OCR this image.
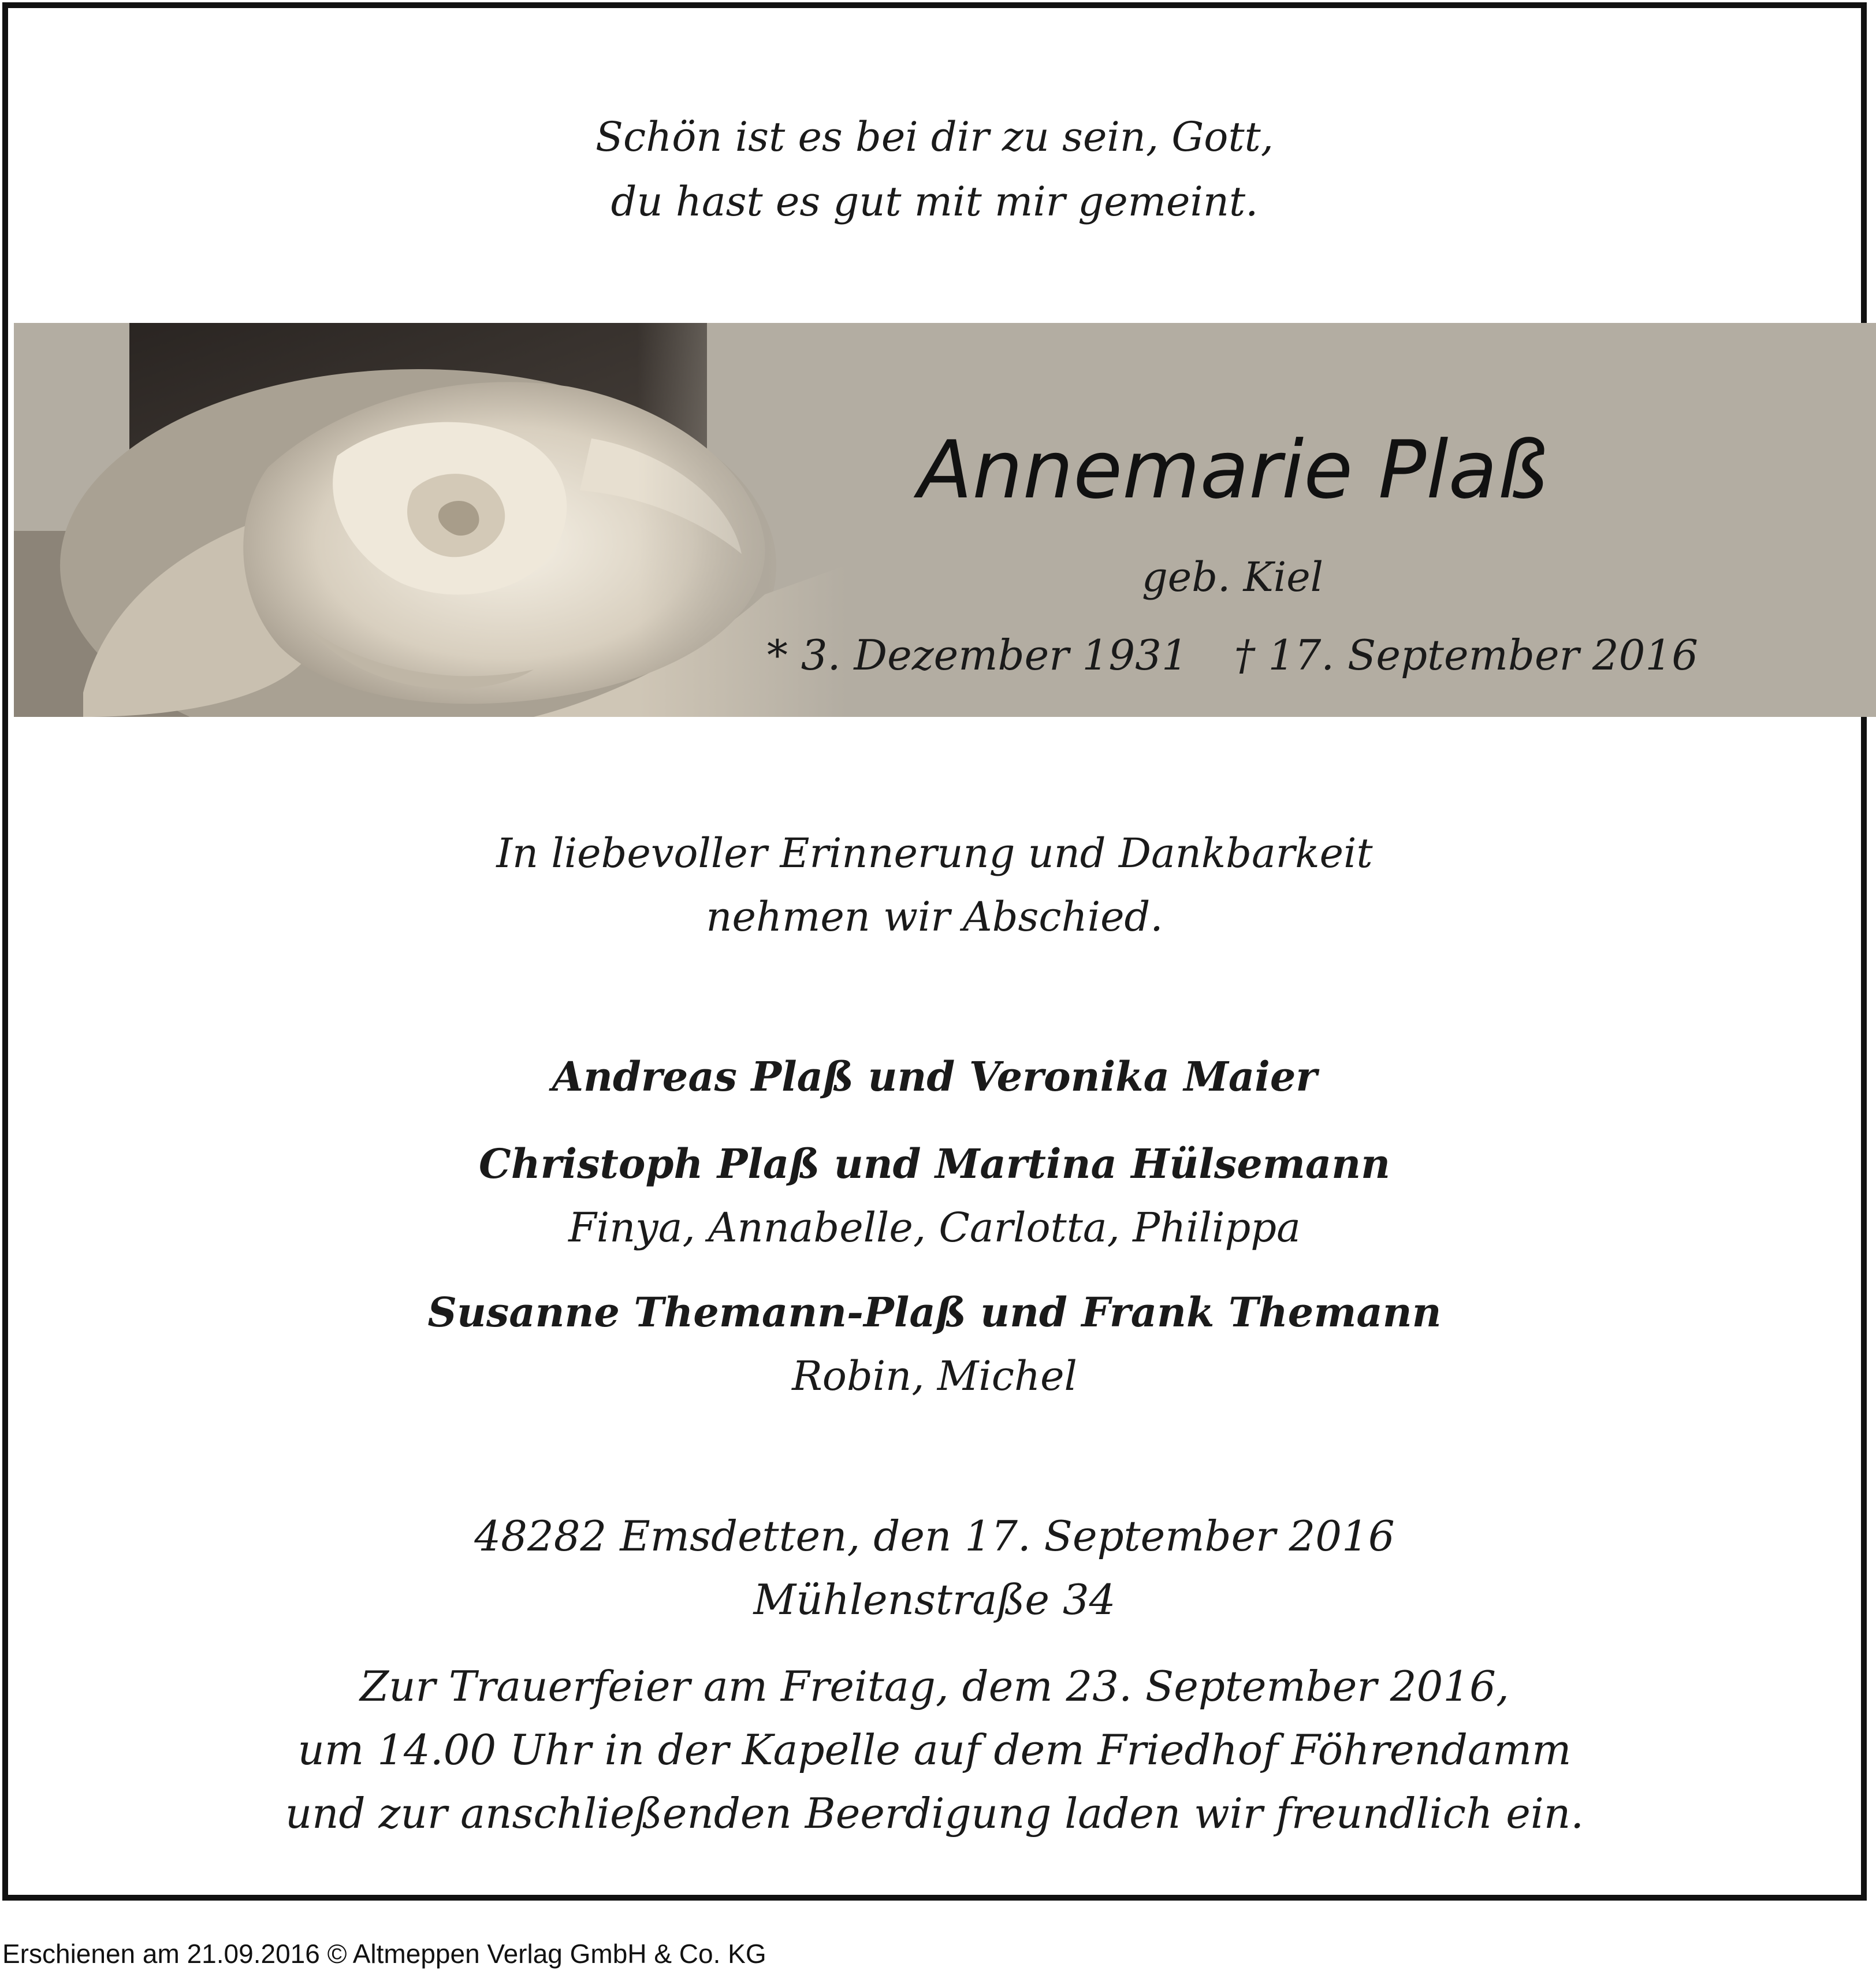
Schön ist es bei dir zu sein, Gott,
du hast es gut mit mir gemeint.
Annemarie Plaß
geb. Kiel
* 3. Dezember 1931 † 17. September 2016
In liebevoller Erinnerung und Dankbarkeit
nehmen wir Abschied.
Andreas Plaß und Veronika Maier
Christoph Plaß und Martina Hülsemann
Finya, Annabelle, Carlotta, Philippa
Susanne Themann-Plaß und Frank Themann
Robin, Michel
48282 Emsdetten, den 17. September 2016
Mühlenstraße 34
Zur Trauerfeier am Freitag, dem 23. September 2016,
um 14.00 Uhr in der Kapelle auf dem Friedhof Föhrendamm
und zur anschließenden Beerdigung laden wir freundlich ein.
Erschienen am 21.09.2016 © Altmeppen Verlag GmbH & Co. KG
